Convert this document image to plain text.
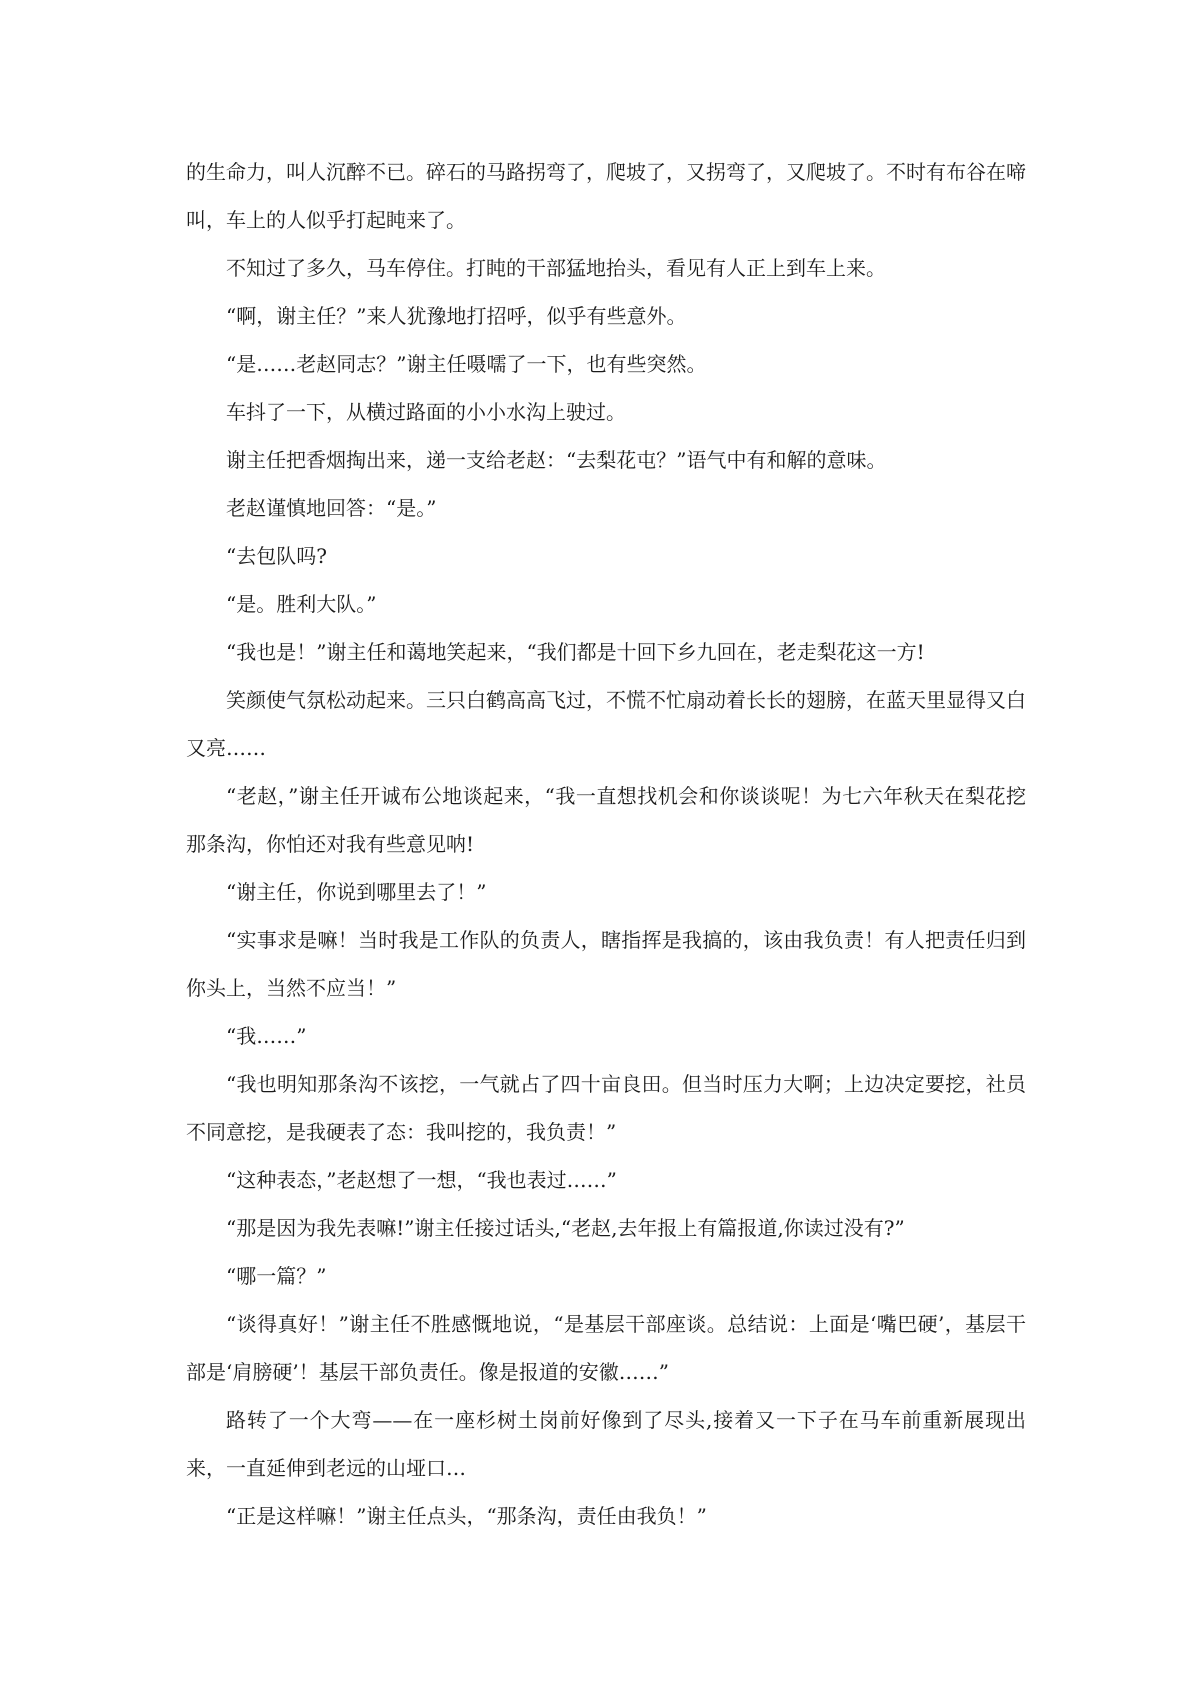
的生命力，叫人沉醉不已。碎石的马路拐弯了，爬坡了，又拐弯了，又爬坡了。不时有布谷在啼叫，车上的人似乎打起盹来了。

不知过了多久，马车停住。打盹的干部猛地抬头，看见有人正上到车上来。

“啊，谢主任？”来人犹豫地打招呼，似乎有些意外。

“是……老赵同志？”谢主任嗫嚅了一下，也有些突然。

车抖了一下，从横过路面的小小水沟上驶过。

谢主任把香烟掏出来，递一支给老赵：“去梨花屯？”语气中有和解的意味。

老赵谨慎地回答：“是。”

“去包队吗?

“是。胜利大队。”

“我也是！”谢主任和蔼地笑起来，“我们都是十回下乡九回在，老走梨花这一方!

笑颜使气氛松动起来。三只白鹤高高飞过，不慌不忙扇动着长长的翅膀，在蓝天里显得又白又亮……

“老赵，”谢主任开诚布公地谈起来，“我一直想找机会和你谈谈呢！为七六年秋天在梨花挖那条沟，你怕还对我有些意见呐!

“谢主任，你说到哪里去了！”

“实事求是嘛！当时我是工作队的负责人，瞎指挥是我搞的，该由我负责！有人把责任归到你头上，当然不应当！”

“我……”

“我也明知那条沟不该挖，一气就占了四十亩良田。但当时压力大啊；上边决定要挖，社员不同意挖，是我硬表了态：我叫挖的，我负责！”

“这种表态，”老赵想了一想，“我也表过……”

“那是因为我先表嘛!”谢主任接过话头,“老赵,去年报上有篇报道,你读过没有?”

“哪一篇？”

“谈得真好！”谢主任不胜感慨地说，“是基层干部座谈。总结说：上面是‘嘴巴硬’，基层干部是‘肩膀硬’！基层干部负责任。像是报道的安徽……”

路转了一个大弯——在一座杉树土岗前好像到了尽头,接着又一下子在马车前重新展现出来，一直延伸到老远的山垭口…

“正是这样嘛！”谢主任点头，“那条沟，责任由我负！”
